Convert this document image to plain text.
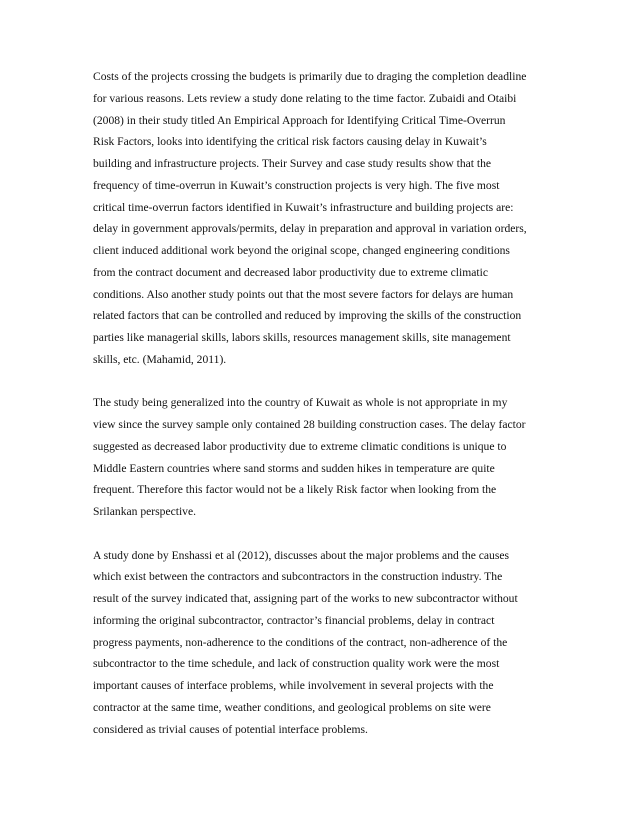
Costs of the projects crossing the budgets is primarily due to draging the completion deadline
for various reasons. Lets review a study done relating to the time factor. Zubaidi and Otaibi
(2008) in their study titled An Empirical Approach for Identifying Critical Time-Overrun
Risk Factors, looks into identifying the critical risk factors causing delay in Kuwait’s
building and infrastructure projects. Their Survey and case study results show that the
frequency of time-overrun in Kuwait’s construction projects is very high. The five most
critical time-overrun factors identified in Kuwait’s infrastructure and building projects are:
delay in government approvals/permits, delay in preparation and approval in variation orders,
client induced additional work beyond the original scope, changed engineering conditions
from the contract document and decreased labor productivity due to extreme climatic
conditions. Also another study points out that the most severe factors for delays are human
related factors that can be controlled and reduced by improving the skills of the construction
parties like managerial skills, labors skills, resources management skills, site management
skills, etc. (Mahamid, 2011).

The study being generalized into the country of Kuwait as whole is not appropriate in my
view since the survey sample only contained 28 building construction cases. The delay factor
suggested as decreased labor productivity due to extreme climatic conditions is unique to
Middle Eastern countries where sand storms and sudden hikes in temperature are quite
frequent. Therefore this factor would not be a likely Risk factor when looking from the
Srilankan perspective.

A study done by Enshassi et al (2012), discusses about the major problems and the causes
which exist between the contractors and subcontractors in the construction industry. The
result of the survey indicated that, assigning part of the works to new subcontractor without
informing the original subcontractor, contractor’s financial problems, delay in contract
progress payments, non-adherence to the conditions of the contract, non-adherence of the
subcontractor to the time schedule, and lack of construction quality work were the most
important causes of interface problems, while involvement in several projects with the
contractor at the same time, weather conditions, and geological problems on site were
considered as trivial causes of potential interface problems.
